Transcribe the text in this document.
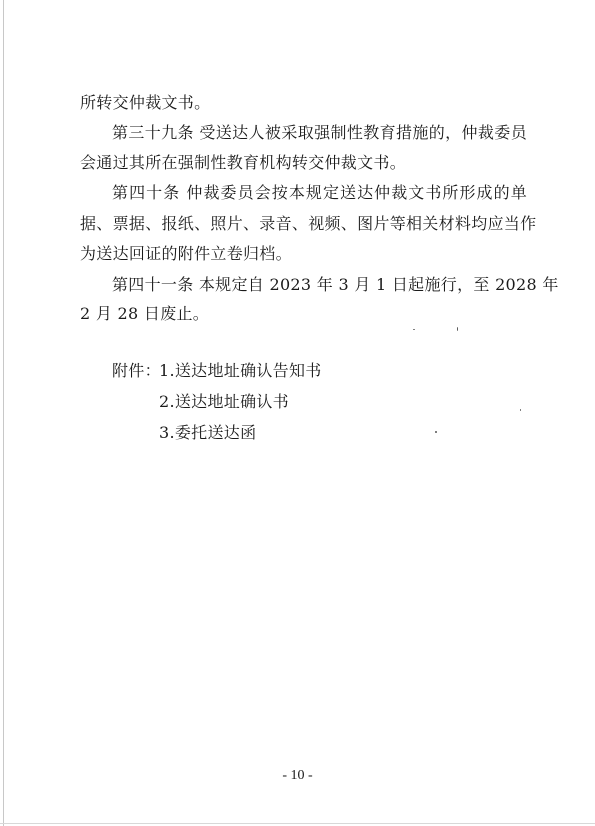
所转交仲裁文书。
第三十九条 受送达人被采取强制性教育措施的，仲裁委员
会通过其所在强制性教育机构转交仲裁文书。
第四十条 仲裁委员会按本规定送达仲裁文书所形成的单
据、票据、报纸、照片、录音、视频、图片等相关材料均应当作
为送达回证的附件立卷归档。
第四十一条 本规定自 2023 年 3 月 1 日起施行，至 2028 年
2 月 28 日废止。
附件：
1.送达地址确认告知书
2.送达地址确认书
3.委托送达函
- 10 -
